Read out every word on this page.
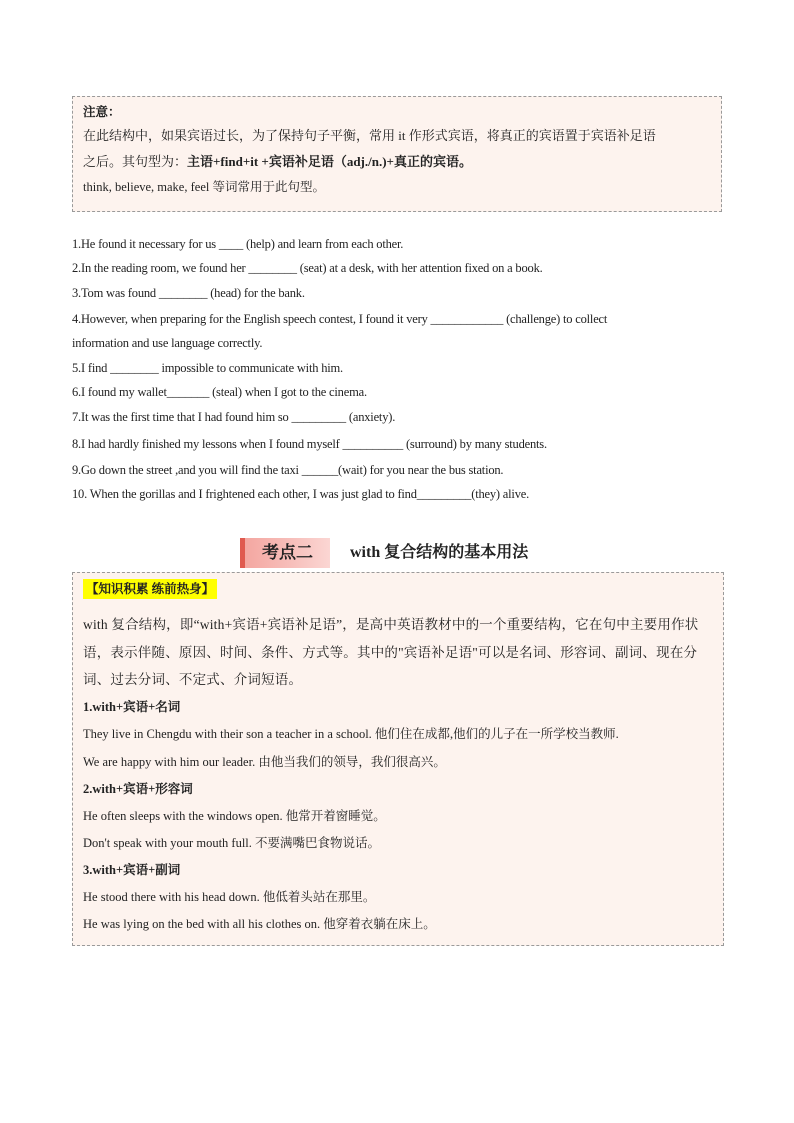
注意：
在此结构中，如果宾语过长，为了保持句子平衡，常用 it 作形式宾语，将真正的宾语置于宾语补足语
之后。其句型为：主语+find+it +宾语补足语（adj./n.)+真正的宾语。
think, believe, make, feel 等词常用于此句型。
1.He found it necessary for us ____ (help) and learn from each other.
2.In the reading room, we found her ________ (seat) at a desk, with her attention fixed on a book.
3.Tom was found ________ (head) for the bank.
4.However, when preparing for the English speech contest, I found it very ____________ (challenge) to collect
information and use language correctly.
5.I find ________ impossible to communicate with him.
6.I found my wallet_______ (steal) when I got to the cinema.
7.It was the first time that I had found him so _________ (anxiety).
8.I had hardly finished my lessons when I found myself __________ (surround) by many students.
9.Go down the street ,and you will find the taxi ______(wait) for you near the bus station.
10. When the gorillas and I frightened each other, I was just glad to find_________(they) alive.
考点二	with 复合结构的基本用法
【知识积累 练前热身】
with 复合结构，即“with+宾语+宾语补足语”，是高中英语教材中的一个重要结构，它在句中主要用作状
语，表示伴随、原因、时间、条件、方式等。其中的"宾语补足语"可以是名词、形容词、副词、现在分
词、过去分词、不定式、介词短语。
1.with+宾语+名词
They live in Chengdu with their son a teacher in a school. 他们住在成都,他们的儿子在一所学校当教师.
We are happy with him our leader. 由他当我们的领导，我们很高兴。
2.with+宾语+形容词
He often sleeps with the windows open. 他常开着窗睡觉。
Don't speak with your mouth full. 不要满嘴巴食物说话。
3.with+宾语+副词
He stood there with his head down. 他低着头站在那里。
He was lying on the bed with all his clothes on. 他穿着衣躺在床上。
